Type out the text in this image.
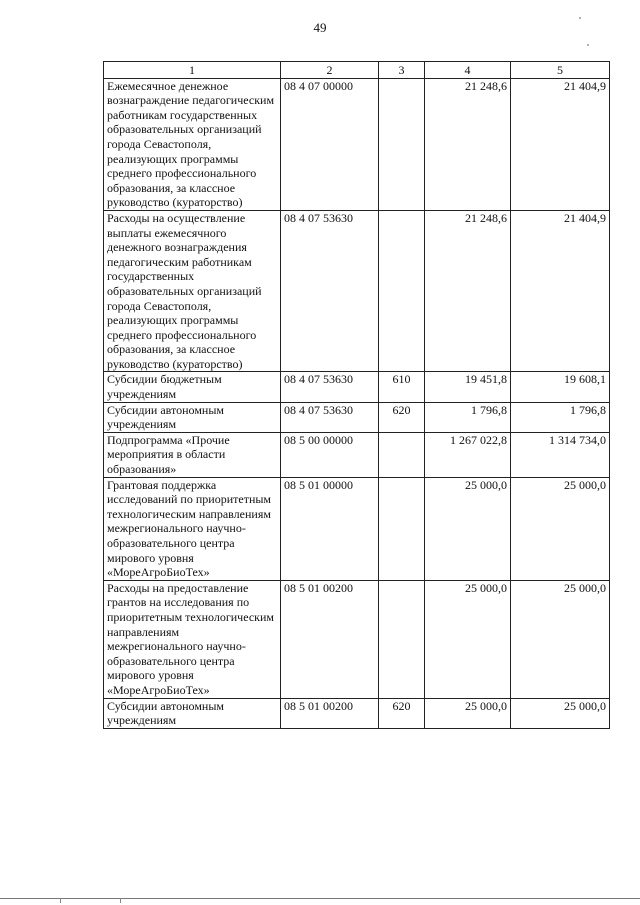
49
1	2	3	4	5
Ежемесячное денежное вознаграждение педагогическим работникам государственных образовательных организаций города Севастополя, реализующих программы среднего профессионального образования, за классное руководство (кураторство)	08 4 07 00000		21 248,6	21 404,9
Расходы на осуществление выплаты ежемесячного денежного вознаграждения педагогическим работникам государственных образовательных организаций города Севастополя, реализующих программы среднего профессионального образования, за классное руководство (кураторство)	08 4 07 53630		21 248,6	21 404,9
Субсидии бюджетным учреждениям	08 4 07 53630	610	19 451,8	19 608,1
Субсидии автономным учреждениям	08 4 07 53630	620	1 796,8	1 796,8
Подпрограмма «Прочие мероприятия в области образования»	08 5 00 00000		1 267 022,8	1 314 734,0
Грантовая поддержка исследований по приоритетным технологическим направлениям межрегионального научно-образовательного центра мирового уровня «МореАгроБиоТех»	08 5 01 00000		25 000,0	25 000,0
Расходы на предоставление грантов на исследования по приоритетным технологическим направлениям межрегионального научно-образовательного центра мирового уровня «МореАгроБиоТех»	08 5 01 00200		25 000,0	25 000,0
Субсидии автономным учреждениям	08 5 01 00200	620	25 000,0	25 000,0
